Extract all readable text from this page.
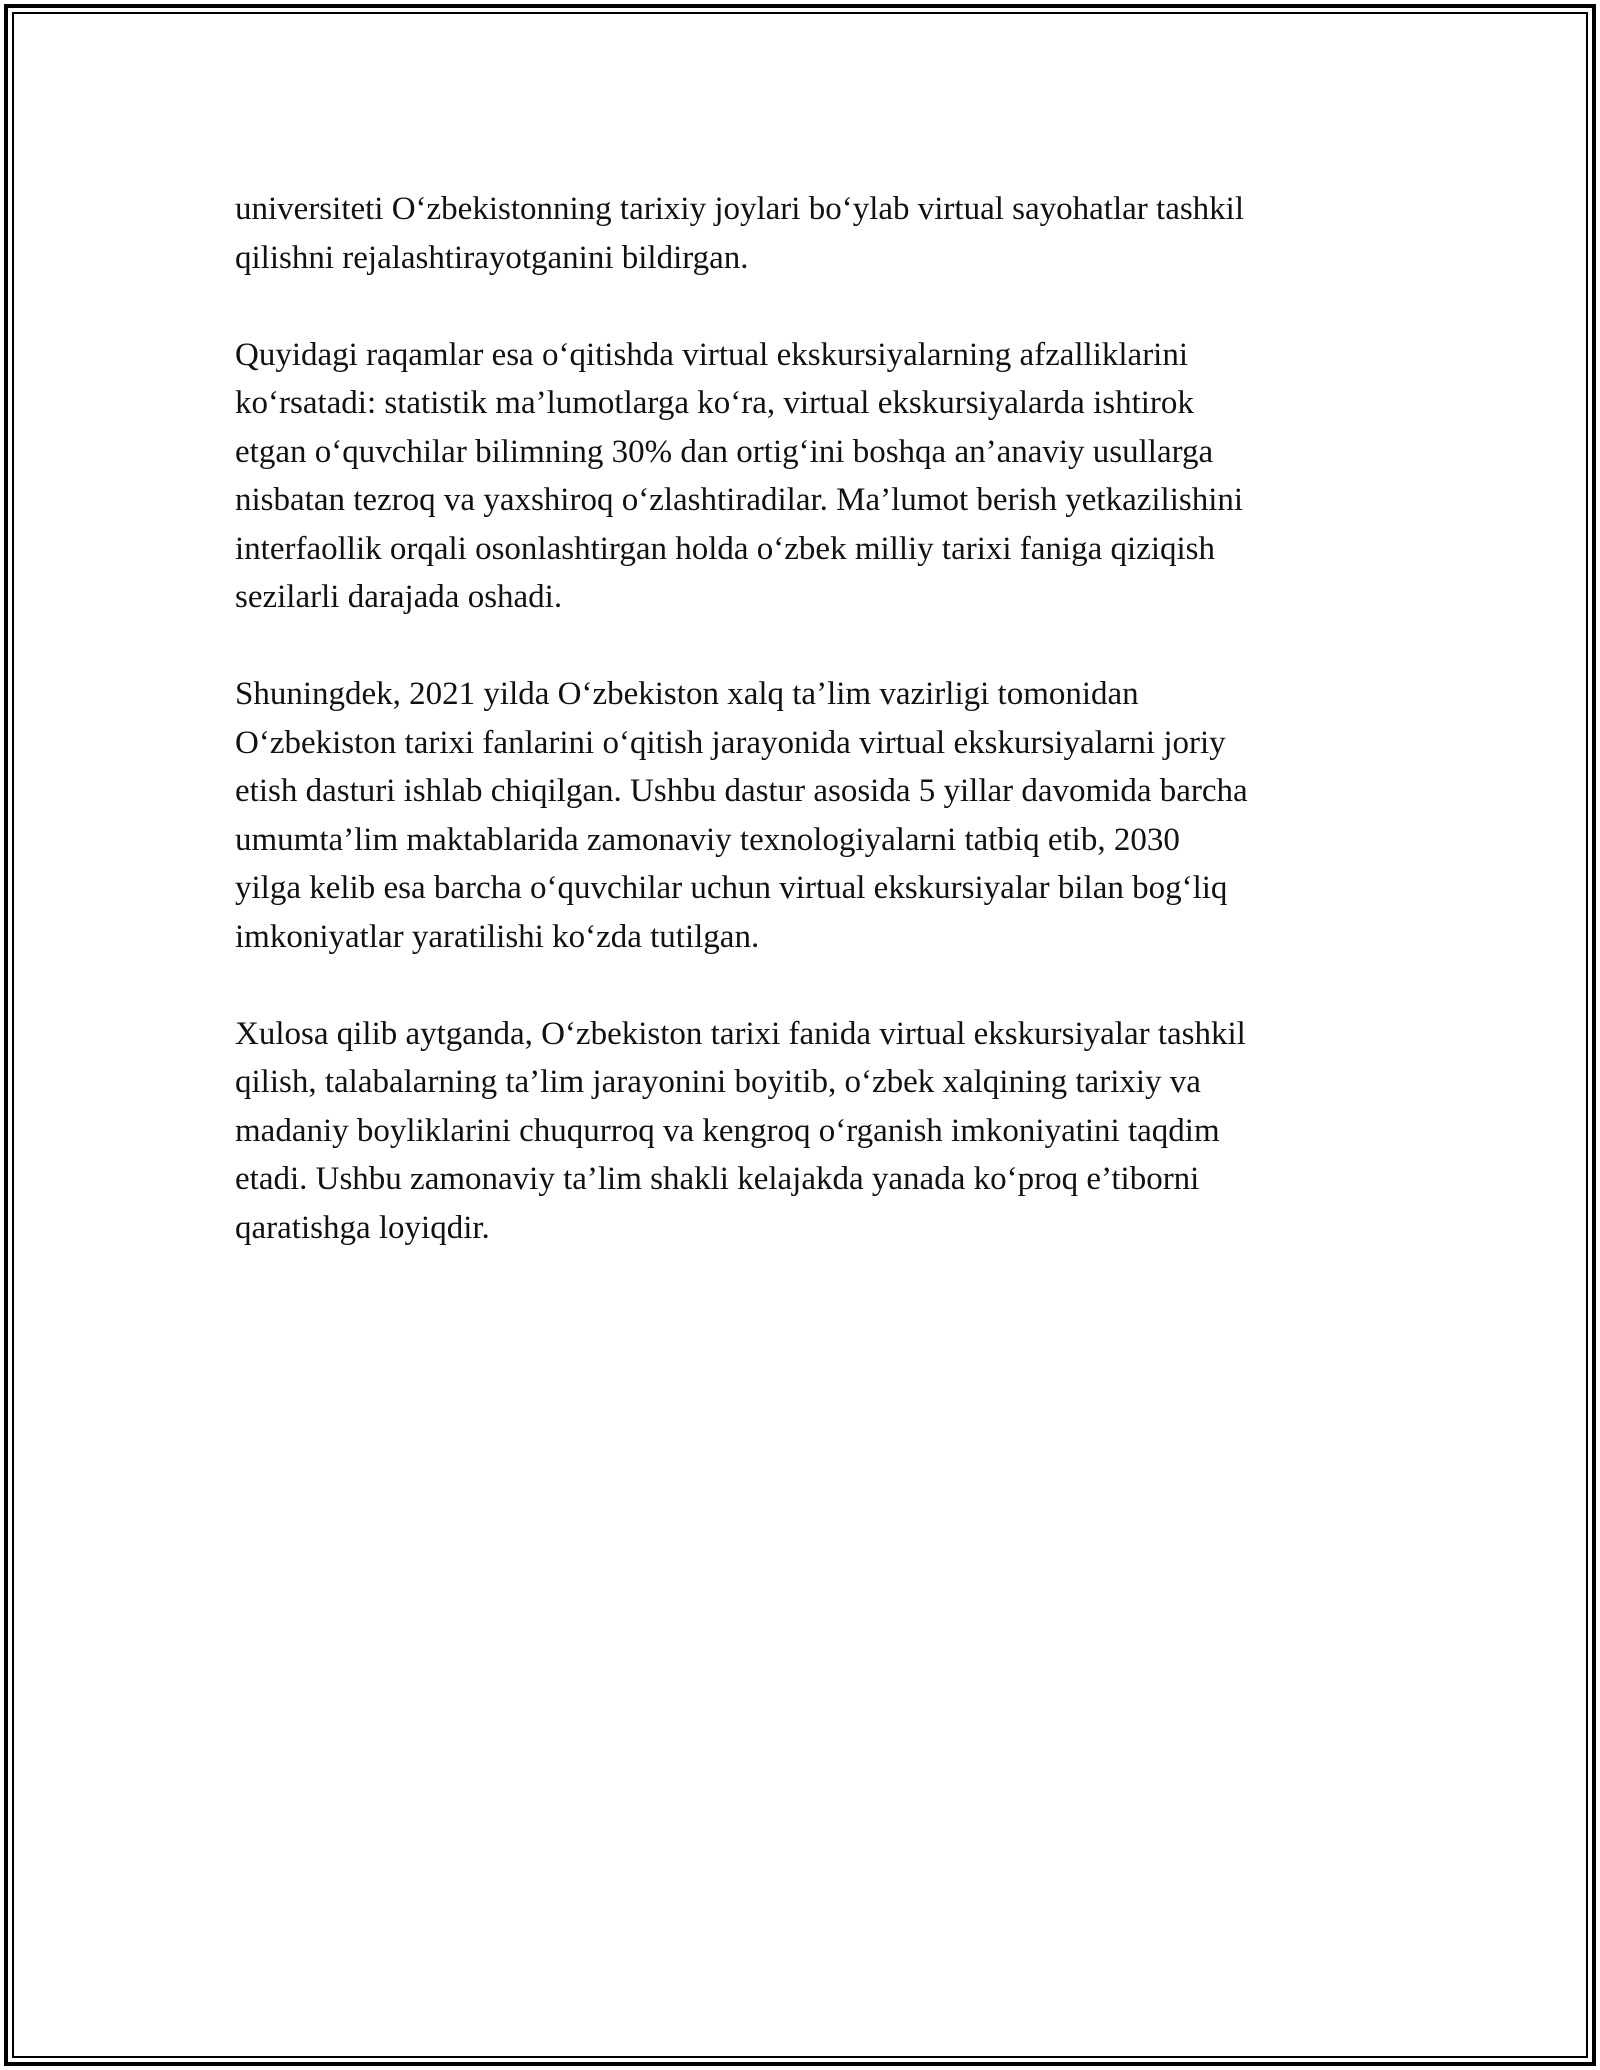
universiteti O‘zbekistonning tarixiy joylari bo‘ylab virtual sayohatlar tashkil
qilishni rejalashtirayotganini bildirgan.

Quyidagi raqamlar esa o‘qitishda virtual ekskursiyalarning afzalliklarini
ko‘rsatadi: statistik ma’lumotlarga ko‘ra, virtual ekskursiyalarda ishtirok
etgan o‘quvchilar bilimning 30% dan ortig‘ini boshqa an’anaviy usullarga
nisbatan tezroq va yaxshiroq o‘zlashtiradilar. Ma’lumot berish yetkazilishini
interfaollik orqali osonlashtirgan holda o‘zbek milliy tarixi faniga qiziqish
sezilarli darajada oshadi.

Shuningdek, 2021 yilda O‘zbekiston xalq ta’lim vazirligi tomonidan
O‘zbekiston tarixi fanlarini o‘qitish jarayonida virtual ekskursiyalarni joriy
etish dasturi ishlab chiqilgan. Ushbu dastur asosida 5 yillar davomida barcha
umumta’lim maktablarida zamonaviy texnologiyalarni tatbiq etib, 2030
yilga kelib esa barcha o‘quvchilar uchun virtual ekskursiyalar bilan bog‘liq
imkoniyatlar yaratilishi ko‘zda tutilgan.

Xulosa qilib aytganda, O‘zbekiston tarixi fanida virtual ekskursiyalar tashkil
qilish, talabalarning ta’lim jarayonini boyitib, o‘zbek xalqining tarixiy va
madaniy boyliklarini chuqurroq va kengroq o‘rganish imkoniyatini taqdim
etadi. Ushbu zamonaviy ta’lim shakli kelajakda yanada ko‘proq e’tiborni
qaratishga loyiqdir.
